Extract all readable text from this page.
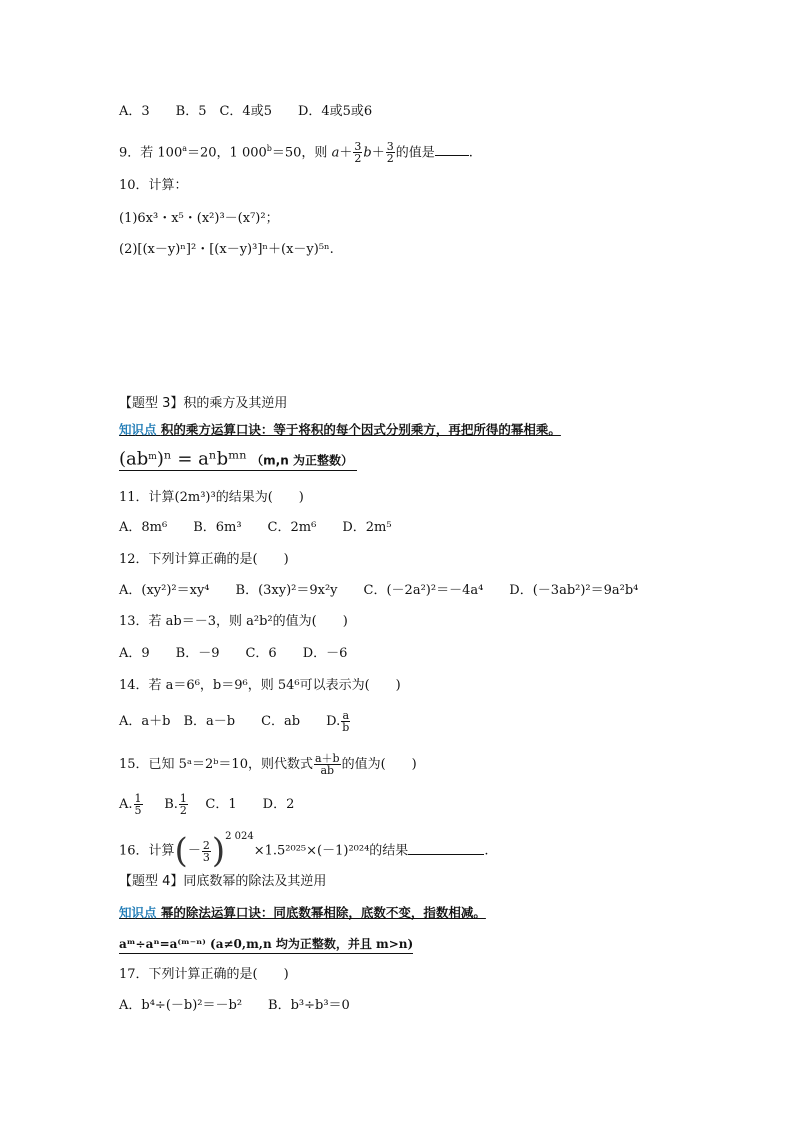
A．3　　B．5　C．4或5　　D．4或5或6
9．若 $100^a=20$，1 $000^b=50$，则 $a+ \frac{3}{2} b+ \frac{3}{2}$ 的值是	.
10．计算：
(1)6x³・x⁵・(x²)³－(x⁷)²；
(2)[(x－y)ⁿ]²・[(x－y)³]ⁿ＋(x－y)⁵ⁿ.
【题型 3】积的乘方及其逆用
知识点 积的乘方运算口诀：等于将积的每个因式分别乘方，再把所得的幂相乘。
$(ab^m)^n$ = aⁿbᵐⁿ （m,n 为正整数）
11．计算(2m³)³的结果为(　　)
A．8m⁶　　B．6m³　　C．2m⁶　　D．2m⁵
12．下列计算正确的是(　　)
A．(xy²)²＝xy⁴　　B．(3xy)²＝9x²y　　C．(－2a²)²＝－4a⁴　　D．(－3ab²)²＝9a²b⁴
13．若 ab＝－3，则 a²b²的值为(　　)
A．9　　B．－9　　C．6　　D．－6
14．若 a＝6⁶，b＝9⁶，则 54⁶可以表示为(　　)
A．a＋b　B．a－b　　C．ab　　D. $\frac{a}{b}$
15．已知 5ᵃ＝2ᵇ＝10，则代数式 $\frac{a+b}{ab}$ 的值为(　　)
A. $\frac{1}{5} B$. $\frac{1}{2}$ C．1　　D．2
16．计算(－ $\frac{2}{3} )^{2 024}\times 1.5^{2025}\times(-1)^{2024}$的结果	.
【题型 4】同底数幂的除法及其逆用
知识点 幂的除法运算口诀：同底数幂相除，底数不变，指数相减。
aᵐ÷aⁿ=a⁽ᵐ⁻ⁿ⁾ (a≠0,m,n 均为正整数，并且 m>n)
17．下列计算正确的是(　　)
A．b⁴÷(－b)²＝－b²　　B．b³÷b³＝0
